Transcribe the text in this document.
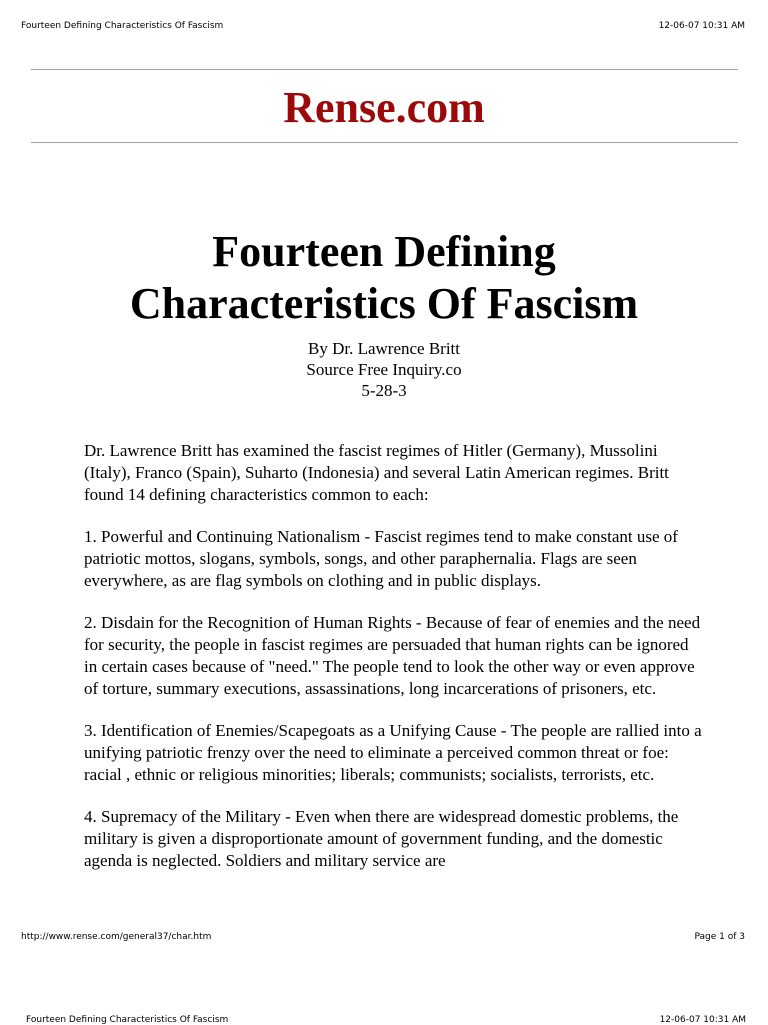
Fourteen Defining Characteristics Of Fascism	12-06-07 10:31 AM
Rense.com
Fourteen Defining
Characteristics Of Fascism
By Dr. Lawrence Britt
Source Free Inquiry.co
5-28-3

Dr. Lawrence Britt has examined the fascist regimes of Hitler (Germany), Mussolini (Italy), Franco (Spain), Suharto (Indonesia) and several Latin American regimes. Britt found 14 defining characteristics common to each:

1. Powerful and Continuing Nationalism - Fascist regimes tend to make constant use of patriotic mottos, slogans, symbols, songs, and other paraphernalia. Flags are seen everywhere, as are flag symbols on clothing and in public displays.

2. Disdain for the Recognition of Human Rights - Because of fear of enemies and the need for security, the people in fascist regimes are persuaded that human rights can be ignored in certain cases because of "need." The people tend to look the other way or even approve of torture, summary executions, assassinations, long incarcerations of prisoners, etc.

3. Identification of Enemies/Scapegoats as a Unifying Cause - The people are rallied into a unifying patriotic frenzy over the need to eliminate a perceived common threat or foe: racial , ethnic or religious minorities; liberals; communists; socialists, terrorists, etc.

4. Supremacy of the Military - Even when there are widespread domestic problems, the military is given a disproportionate amount of government funding, and the domestic agenda is neglected. Soldiers and military service are

http://www.rense.com/general37/char.htm	Page 1 of 3
Fourteen Defining Characteristics Of Fascism	12-06-07 10:31 AM
